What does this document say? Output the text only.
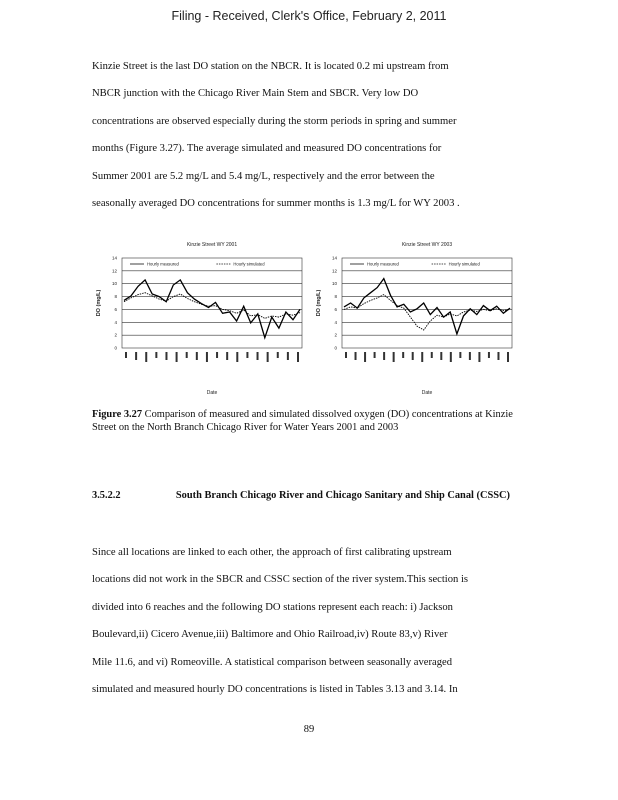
Filing - Received, Clerk's Office, February 2, 2011
Kinzie Street is the last DO station on the NBCR. It is located 0.2 mi upstream from
NBCR junction with the Chicago River Main Stem and SBCR. Very low DO
concentrations are observed especially during the storm periods in spring and summer
months (Figure 3.27). The average simulated and measured DO concentrations for
Summer 2001 are 5.2 mg/L and 5.4 mg/L, respectively and the error between the
seasonally averaged DO concentrations for summer months is 1.3 mg/L for WY 2003 .
Kinzie Street WY 2001
0
2
4
6
8
10
12
14
DO (mg/L)
Date
Hourly measured	Hourly simulated
Kinzie Street WY 2003
0
2
4
6
8
10
12
14
DO (mg/L)
Date
Hourly measured	Hourly simulated
Figure 3.27 Comparison of measured and simulated dissolved oxygen (DO) concentrations at Kinzie Street on the North Branch Chicago River for Water Years 2001 and 2003
3.5.2.2	South Branch Chicago River and Chicago Sanitary and Ship Canal (CSSC)
Since all locations are linked to each other, the approach of first calibrating upstream
locations did not work in the SBCR and CSSC section of the river system.This section is
divided into 6 reaches and the following DO stations represent each reach: i) Jackson
Boulevard,ii) Cicero Avenue,iii) Baltimore and Ohio Railroad,iv) Route 83,v) River
Mile 11.6, and vi) Romeoville. A statistical comparison between seasonally averaged
simulated and measured hourly DO concentrations is listed in Tables 3.13 and 3.14. In
89
